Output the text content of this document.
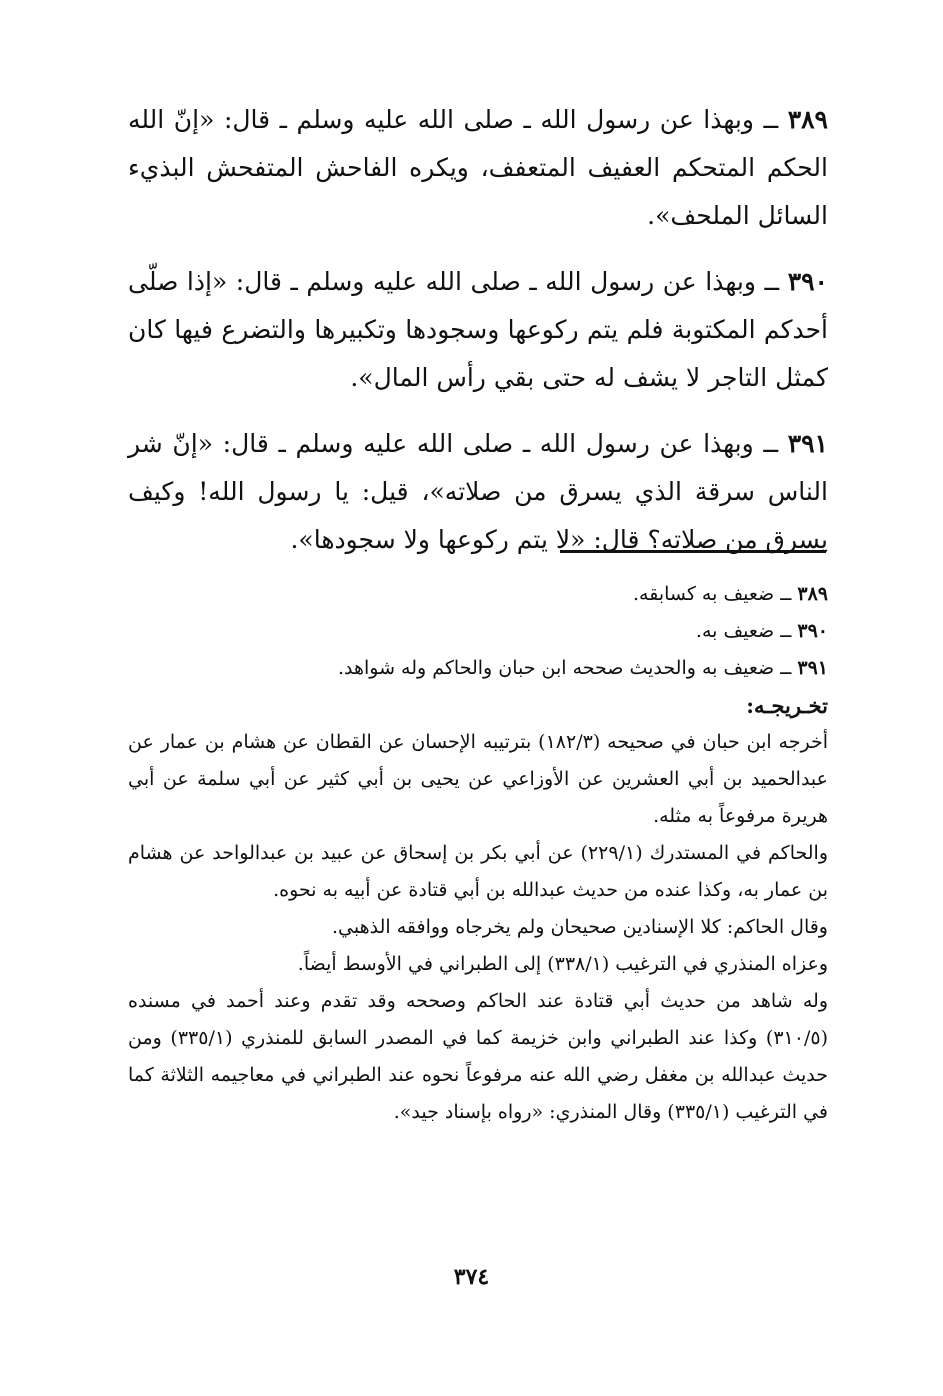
٣٨٩ ــ وبهذا عن رسول الله ـ صلى الله عليه وسلم ـ قال: «إنّ الله الحكم المتحكم العفيف المتعفف، ويكره الفاحش المتفحش البذيء السائل الملحف».

٣٩٠ ــ وبهذا عن رسول الله ـ صلى الله عليه وسلم ـ قال: «إذا صلّى أحدكم المكتوبة فلم يتم ركوعها وسجودها وتكبيرها والتضرع فيها كان كمثل التاجر لا يشف له حتى بقي رأس المال».

٣٩١ ــ وبهذا عن رسول الله ـ صلى الله عليه وسلم ـ قال: «إنّ شر الناس سرقة الذي يسرق من صلاته»، قيل: يا رسول الله! وكيف يسرق من صلاته؟ قال: «لا يتم ركوعها ولا سجودها».

٣٨٩ ــ ضعيف به كسابقه.

٣٩٠ ــ ضعيف به.

٣٩١ ــ ضعيف به والحديث صححه ابن حبان والحاكم وله شواهد.

تخـريجـه:

أخرجه ابن حبان في صحيحه (١٨٢/٣) بترتيبه الإحسان عن القطان عن هشام بن عمار عن عبدالحميد بن أبي العشرين عن الأوزاعي عن يحيى بن أبي كثير عن أبي سلمة عن أبي هريرة مرفوعاً به مثله.

والحاكم في المستدرك (٢٢٩/١) عن أبي بكر بن إسحاق عن عبيد بن عبدالواحد عن هشام بن عمار به، وكذا عنده من حديث عبدالله بن أبي قتادة عن أبيه به نحوه.

وقال الحاكم: كلا الإسنادين صحيحان ولم يخرجاه ووافقه الذهبي.

وعزاه المنذري في الترغيب (٣٣٨/١) إلى الطبراني في الأوسط أيضاً.

وله شاهد من حديث أبي قتادة عند الحاكم وصححه وقد تقدم وعند أحمد في مسنده (٣١٠/٥) وكذا عند الطبراني وابن خزيمة كما في المصدر السابق للمنذري (٣٣٥/١) ومن حديث عبدالله بن مغفل رضي الله عنه مرفوعاً نحوه عند الطبراني في معاجيمه الثلاثة كما في الترغيب (٣٣٥/١) وقال المنذري: «رواه بإسناد جيد».

٣٧٤
